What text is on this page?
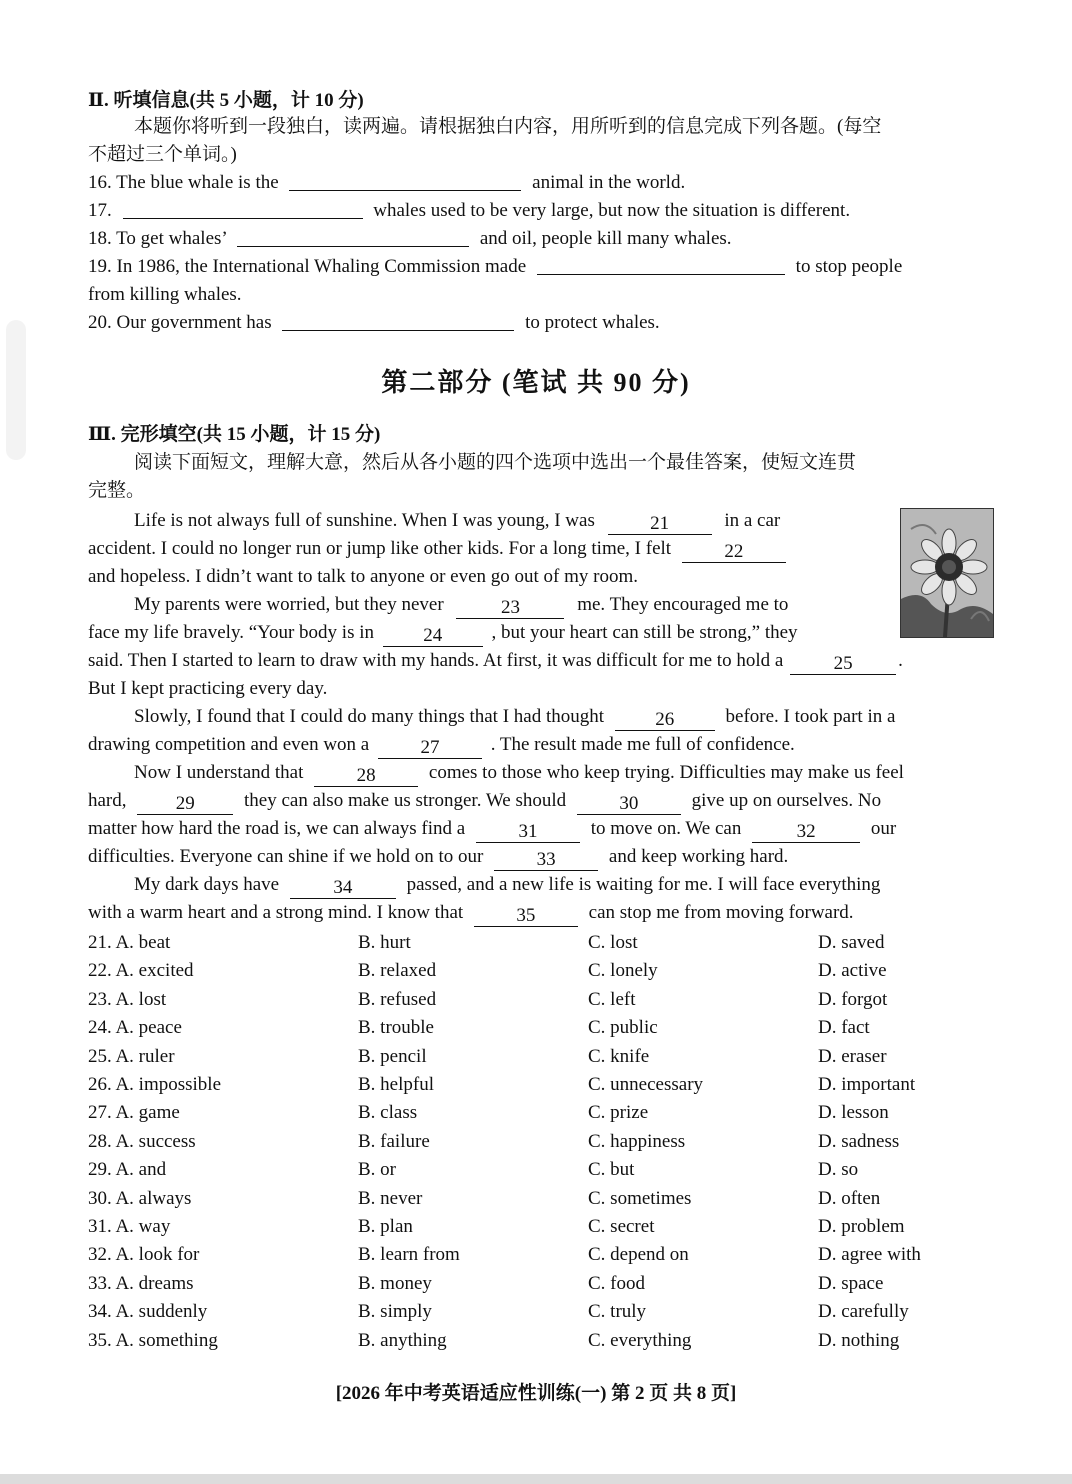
Ⅱ. 听填信息(共 5 小题，计 10 分)
本题你将听到一段独白，读两遍。请根据独白内容，用所听到的信息完成下列各题。(每空
不超过三个单词。)
16. The blue whale is the	animal in the world.
17.	whales used to be very large, but now the situation is different.
18. To get whales’	and oil, people kill many whales.
19. In 1986, the International Whaling Commission made	to stop people
from killing whales.
20. Our government has	to protect whales.
第二部分 (笔试 共 90 分)
Ⅲ. 完形填空(共 15 小题，计 15 分)
阅读下面短文，理解大意，然后从各小题的四个选项中选出一个最佳答案，使短文连贯
完整。
Life is not always full of sunshine. When I was young, I was	21	in a car
accident. I could no longer run or jump like other kids. For a long time, I felt	22
and hopeless. I didn’t want to talk to anyone or even go out of my room.
My parents were worried, but they never	23	me. They encouraged me to
face my life bravely. “Your body is in	24	, but your heart can still be strong,” they
said. Then I started to learn to draw with my hands. At first, it was difficult for me to hold a	25 .
But I kept practicing every day.
Slowly, I found that I could do many things that I had thought	26	before. I took part in a
drawing competition and even won a	27	. The result made me full of confidence.
Now I understand that	28	comes to those who keep trying. Difficulties may make us feel
hard,	29	they can also make us stronger. We should	30	give up on ourselves. No
matter how hard the road is, we can always find a	31	to move on. We can	32	our
difficulties. Everyone can shine if we hold on to our	33	and keep working hard.
My dark days have	34	passed, and a new life is waiting for me. I will face everything
with a warm heart and a strong mind. I know that	35	can stop me from moving forward.
21. A. beat	B. hurt	C. lost	D. saved
22. A. excited	B. relaxed	C. lonely	D. active
23. A. lost	B. refused	C. left	D. forgot
24. A. peace	B. trouble	C. public	D. fact
25. A. ruler	B. pencil	C. knife	D. eraser
26. A. impossible	B. helpful	C. unnecessary	D. important
27. A. game	B. class	C. prize	D. lesson
28. A. success	B. failure	C. happiness	D. sadness
29. A. and	B. or	C. but	D. so
30. A. always	B. never	C. sometimes	D. often
31. A. way	B. plan	C. secret	D. problem
32. A. look for	B. learn from	C. depend on	D. agree with
33. A. dreams	B. money	C. food	D. space
34. A. suddenly	B. simply	C. truly	D. carefully
35. A. something	B. anything	C. everything	D. nothing
[2026 年中考英语适应性训练(一) 第 2 页 共 8 页]
